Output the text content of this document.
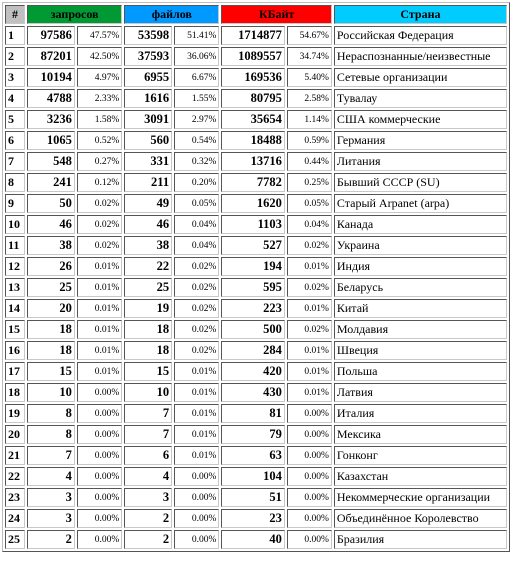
#	запросов		файлов		КБайт		Страна
1	97586	47.57%	53598	51.41%	1714877	54.67%	Российская Федерация
2	87201	42.50%	37593	36.06%	1089557	34.74%	Нераспознанные/неизвестные
3	10194	4.97%	6955	6.67%	169536	5.40%	Сетевые организации
4	4788	2.33%	1616	1.55%	80795	2.58%	Тувалау
5	3236	1.58%	3091	2.97%	35654	1.14%	США коммерческие
6	1065	0.52%	560	0.54%	18488	0.59%	Германия
7	548	0.27%	331	0.32%	13716	0.44%	Литания
8	241	0.12%	211	0.20%	7782	0.25%	Бывший СССР (SU)
9	50	0.02%	49	0.05%	1620	0.05%	Старый Arpanet (arpa)
10	46	0.02%	46	0.04%	1103	0.04%	Канада
11	38	0.02%	38	0.04%	527	0.02%	Украина
12	26	0.01%	22	0.02%	194	0.01%	Индия
13	25	0.01%	25	0.02%	595	0.02%	Беларусь
14	20	0.01%	19	0.02%	223	0.01%	Китай
15	18	0.01%	18	0.02%	500	0.02%	Молдавия
16	18	0.01%	18	0.02%	284	0.01%	Швеция
17	15	0.01%	15	0.01%	420	0.01%	Польша
18	10	0.00%	10	0.01%	430	0.01%	Латвия
19	8	0.00%	7	0.01%	81	0.00%	Италия
20	8	0.00%	7	0.01%	79	0.00%	Мексика
21	7	0.00%	6	0.01%	63	0.00%	Гонконг
22	4	0.00%	4	0.00%	104	0.00%	Казахстан
23	3	0.00%	3	0.00%	51	0.00%	Некоммерческие организации
24	3	0.00%	2	0.00%	23	0.00%	Объединённое Королевство
25	2	0.00%	2	0.00%	40	0.00%	Бразилия
